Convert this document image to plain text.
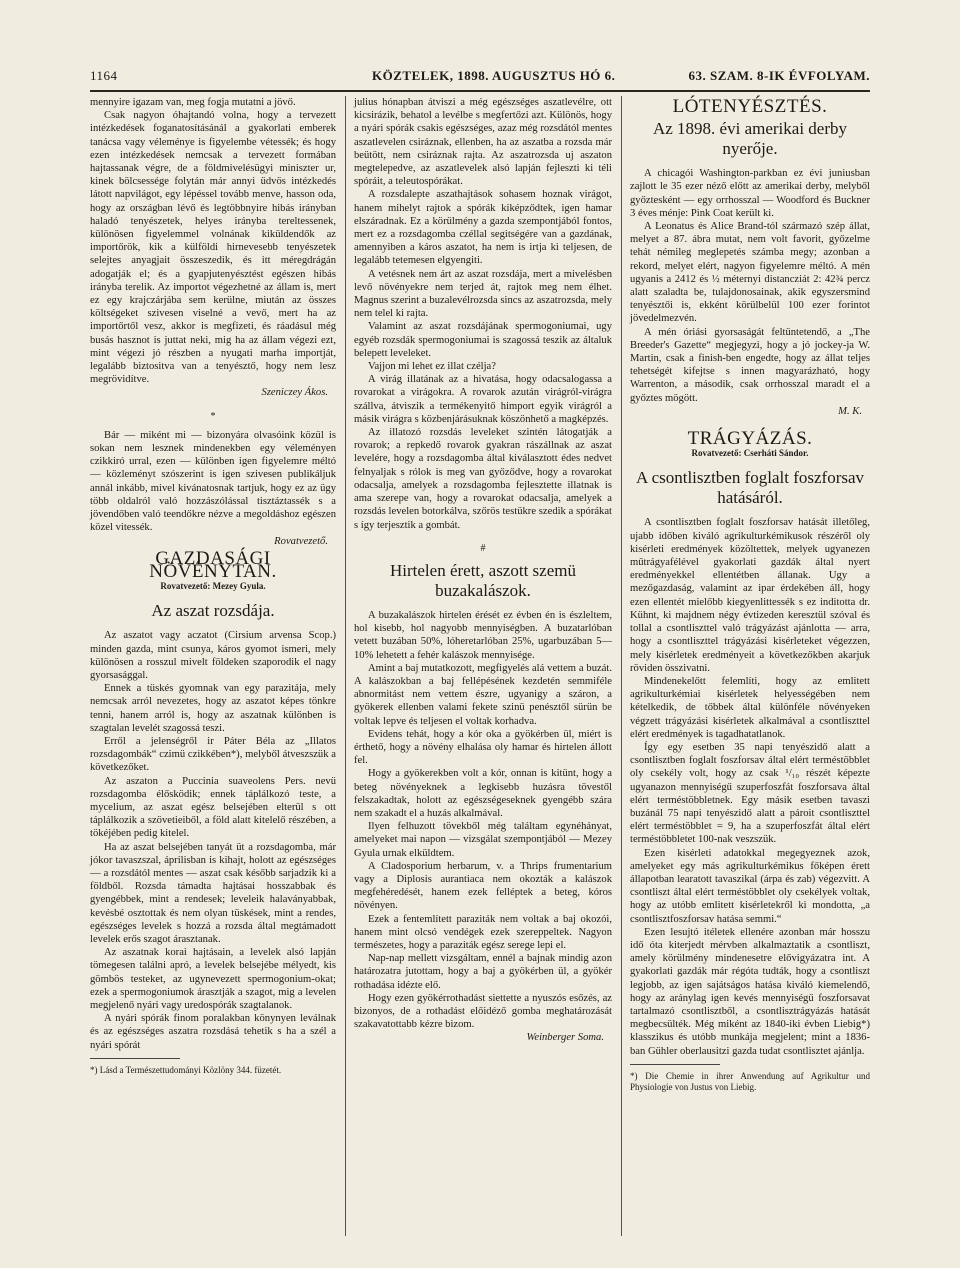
1164	KÖZTELEK, 1898. AUGUSZTUS HÓ 6.	63. SZAM. 8-IK ÉVFOLYAM.

mennyire igazam van, meg fogja mutatni a jövő.

Csak nagyon óhajtandó volna, hogy a tervezett intézkedések foganatosításánál a gyakorlati emberek tanácsa vagy véleménye is figyelembe vétessék; és hogy ezen intézkedések nemcsak a tervezett formában hajtassanak végre, de a földmivelésügyi miniszter ur, kinek bölcsessége folytán már annyi üdvös intézkedés látott napvilágot, egy lépéssel tovább menve, hasson oda, hogy az országban lévő és legtöbbnyire hibás irányban haladó tenyészetek, helyes irányba tereltessenek, különösen figyelemmel volnának kiküldendők az importőrök, kik a külföldi hirnevesebb tenyészetek selejtes anyagjait összeszedik, és itt méregdrágán adogatják el; és a gyapjutenyésztést egészen hibás irányba terelik. Az importot végezhetné az állam is, mert ez egy krajczárjába sem kerülne, miután az összes költségeket szivesen viselné a vevő, mert ha az importőrtől vesz, akkor is megfizeti, és ráadásul még busás hasznot is juttat neki, mig ha az állam végezi ezt, mint végezi jó részben a nyugati marha importját, legalább biztositva van a tenyésztő, hogy nem lesz megrövidítve.

Szeniczey Ákos.
*

Bár — miként mi — bizonyára olvasóink közül is sokan nem lesznek mindenekben egy véleményen czikkiró urral, ezen — különben igen figyelemre méltó — közleményt szószerint is igen szivesen publikáljuk annál inkább, mivel kivánatosnak tartjuk, hogy ez az ügy több oldalról való hozzászólással tisztáztassék s a jövendőben való teendőkre nézve a megoldáshoz egészen közel vitessék.

Rovatvezető.
GAZDASÁGI NÖVÉNYTAN.
Rovatvezető: Mezey Gyula.
Az aszat rozsdája.

Az aszatot vagy aczatot (Cirsium arvensa Scop.) minden gazda, mint csunya, káros gyomot ismeri, mely különösen a rosszul mivelt földeken szaporodik el nagy gyorsasággal.

Ennek a tüskés gyomnak van egy parazitája, mely nemcsak arról nevezetes, hogy az aszatot képes tönkre tenni, hanem arról is, hogy az aszatnak különben is szagtalan levelét szagossá teszi.

Erről a jelenségről ir Páter Béla az „Illatos rozsdagombák“ czimü czikkében*), melyből átveszszük a következőket.

Az aszaton a Puccinia suaveolens Pers. nevü rozsdagomba élősködik; ennek táplálkozó teste, a mycelium, az aszat egész belsejében elterül s ott táplálkozik a szövetieiből, a föld alatt kitelelő részében, a tökéjében pedig kitelel.

Ha az aszat belsejében tanyát üt a rozsdagomba, már jókor tavaszszal, áprilisban is kihajt, holott az egészséges — a rozsdától mentes — aszat csak később sarjadzik ki a földből. Rozsda támadta hajtásai hosszabbak és gyengébbek, mint a rendesek; leveleik halaványabbak, kevésbé osztottak és nem olyan tüskések, mint a rendes, egészséges levelek s hozzá a rozsda által megtámadott levelek erős szagot árasztanak.

Az aszatnak korai hajtásain, a levelek alsó lapján tömegesen találni apró, a levelek belsejébe mélyedt, kis gömbös testeket, az ugynevezett spermogonium-okat; ezek a spermogoniumok árasztják a szagot, mig a levelen megjelenő nyári vagy uredospórák szagtalanok.

A nyári spórák finom poralakban könynyen leválnak és az egészséges aszatra rozsdásá tehetik s ha a szél a nyári spórát

*) Lásd a Természettudományi Közlöny 344. füzetét.

julius hónapban átviszi a még egészséges aszatlevélre, ott kicsirázik, behatol a levélbe s megfertőzi azt. Különös, hogy a nyári spórák csakis egészséges, azaz még rozsdától mentes aszatlevelen csiráznak, ellenben, ha az aszatba a rozsda már beütött, nem csiráznak rajta. Az aszatrozsda uj aszaton megtelepedve, az aszatlevelek alsó lapján fejleszti ki téli spóráit, a teleutospórákat.

A rozsdalepte aszathajtások sohasem hoznak virágot, hanem mihelyt rajtok a spórák kiképződtek, igen hamar elszáradnak. Ez a körülmény a gazda szempontjából fontos, mert ez a rozsdagomba czéllal segitségére van a gazdának, amennyiben a káros aszatot, ha nem is irtja ki teljesen, de legalább tetemesen elgyengiti.

A vetésnek nem árt az aszat rozsdája, mert a mivelésben levő növényekre nem terjed át, rajtok meg nem élhet. Magnus szerint a buzalevélrozsda sincs az aszatrozsda, mely nem telel ki rajta.

Valamint az aszat rozsdájának spermogoniumai, ugy egyéb rozsdák spermogoniumai is szagossá teszik az általuk belepett leveleket.

Vajjon mi lehet ez illat czélja?

A virág illatának az a hivatása, hogy odacsalogassa a rovarokat a virágokra. A rovarok azután virágról-virágra szállva, átviszik a termékenyitő himport egyik virágról a másik virágra s közbenjárásuknak köszönhető a magképzés.

Az illatozó rozsdás leveleket szintén látogatják a rovarok; a repkedő rovarok gyakran rászállnak az aszat levelére, hogy a rozsdagomba által kiválasztott édes nedvet felnyaljak s rólok is meg van győződve, hogy a rovarokat odacsalja, amelyek a rozsdagomba fejlesztette illatnak is ama szerepe van, hogy a rovarokat odacsalja, amelyek a rozsdás levelen botorkálva, szőrös testükre szedik a spórákat s így terjesztik a gombát.

#
Hirtelen érett, aszott szemü buzakalászok.

A buzakalászok hirtelen érését ez évben én is észleltem, hol kisebb, hol nagyobb mennyiségben. A buzatarlóban vetett buzában 50%, lóheretarlóban 25%, ugarbuzában 5—10% lehetett a fehér kalászok mennyisége.

Amint a baj mutatkozott, megfigyelés alá vettem a buzát. A kalászokban a baj fellépésének kezdetén semmiféle abnormitást nem vettem észre, ugyanigy a száron, a gyökerek ellenben valami fekete szinü penésztől sürün be voltak lepve és teljesen el voltak korhadva.

Evidens tehát, hogy a kór oka a gyökérben ül, miért is érthető, hogy a növény elhalása oly hamar és hirtelen állott fel.

Hogy a gyökerekben volt a kór, onnan is kitünt, hogy a beteg növényeknek a legkisebb huzásra tövestől felszakadtak, holott az egészségeseknek gyengébb szára nem szakadt el a huzás alkalmával.

Ilyen felhuzott tövekből még találtam egynéhányat, amelyeket mai napon — vizsgálat szempontjából — Mezey Gyula urnak elküldtem.

A Cladosporium herbarum, v. a Thrips frumentarium vagy a Diplosis aurantiaca nem okozták a kalászok megfehéredését, hanem ezek felléptek a beteg, kóros növényen.

Ezek a fentemlített paraziták nem voltak a baj okozói, hanem mint olcsó vendégek ezek szereppeltek. Nagyon természetes, hogy a paraziták egész serege lepi el.

Nap-nap mellett vizsgáltam, ennél a bajnak mindig azon határozatra jutottam, hogy a baj a gyökérben ül, a gyökér rothadása idézte elő.

Hogy ezen gyökérrothadást siettette a nyuszós esőzés, az bizonyos, de a rothadást előidéző gomba meghatározását szakavatottabb kézre bizom.

Weinberger Soma.
LÓTENYÉSZTÉS.
Az 1898. évi amerikai derby nyerője.

A chicagói Washington-parkban ez évi juniusban zajlott le 35 ezer néző előtt az amerikai derby, melyből győztesként — egy orrhosszal — Woodford és Buckner 3 éves ménje: Pink Coat került ki.

A Leonatus és Alice Brand-tól származó szép állat, melyet a 87. ábra mutat, nem volt favorit, győzelme tehát némileg meglepetés számba megy; azonban a rekord, melyet elért, nagyon figyelemre méltó. A mén ugyanis a 2412 és ½ méternyi distancziát 2: 42¾ percz alatt szaladta be, tulajdonosainak, akik egyszersmind tenyésztői is, ekként körülbelül 100 ezer forintot jövedelmezvén.

A mén óriási gyorsaságát feltüntetendő, a „The Breeder's Gazette“ megjegyzi, hogy a jó jockey-ja W. Martin, csak a finish-ben engedte, hogy az állat teljes tehetségét kifejtse s innen magyarázható, hogy Warrenton, a második, csak orrhosszal maradt el a győztes mögött.

M. K.
TRÁGYÁZÁS.
Rovatvezető: Cserháti Sándor.
A csontlisztben foglalt foszforsav hatásáról.

A csontlisztben foglalt foszforsav hatását illetőleg, ujabb időben kiváló agrikulturkémikusok részéről oly kisérleti eredmények közöltettek, melyek ugyanezen műtrágyafélével gyakorlati gazdák által nyert eredményekkel ellentétben állanak. Ugy a mezőgazdaság, valamint az ipar érdekében áll, hogy ezen ellentét mielőbb kiegyenlittessék s ez inditotta dr. Kühnt, ki majdnem négy évtizeden keresztül szóval és tollal a csontliszttel való trágyázást ajánlotta — arra, hogy a csontliszttel trágyázási kisérleteket végezzen, mely kisérletek eredményeit a következőkben akarjuk röviden összivatni.

Mindenekelőtt felemlíti, hogy az emlitett agrikulturkémiai kisérletek helyességében nem kételkedik, de tőbbek által különféle növényeken végzett trágyázási kisérletek alkalmával a csontliszttel elért eredmények is tagadhatatlanok.

Így egy esetben 35 napi tenyészidő alatt a csontlisztben foglalt foszforsav által elért terméstöbblet oly csekély volt, hogy az csak ¹/₁₀ részét képezte ugyanazon mennyiségű szuperfoszfát foszforsava által elért terméstöbbletnek. Egy másik esetben tavaszi buzánál 75 napi tenyészidő alatt a pároit csontliszttel elért terméstöbblet = 9, ha a szuperfoszfát által elért terméstöbbletet 100-nak veszszük.

Ezen kisérleti adatokkal megegyeznek azok, amelyeket egy más agrikulturkémikus főképen érett állapotban learatott tavaszikal (árpa és zab) végezvitt. A csontliszt által elért terméstöbblet oly csekélyek voltak, hogy az utóbb emlitett kisérletekről ki mondotta, „a csontlisztfoszforsav hatása semmi.“

Ezen lesujtó itéletek ellenére azonban már hosszu idő óta kiterjedt mérvben alkalmaztatik a csontliszt, amely körülmény mindenesetre elővigyázatra int. A gyakorlati gazdák már régóta tudták, hogy a csontliszt legjobb, az igen sajátságos hatása kiváló kiemelendő, hogy az aránylag igen kevés mennyiségű foszforsavat tartalmazó csontlisztből, a csontlisztrágyázás hatását megbecsülték. Még miként az 1840-iki évben Liebig*) klasszikus és utóbb munkája megjelent; mint a 1836-ban Gühler oberlausitzi gazda tudat csontlisztet ajánlja.

*) Die Chemie in ihrer Anwendung auf Agrikultur und Physiologie von Justus von Liebig.
